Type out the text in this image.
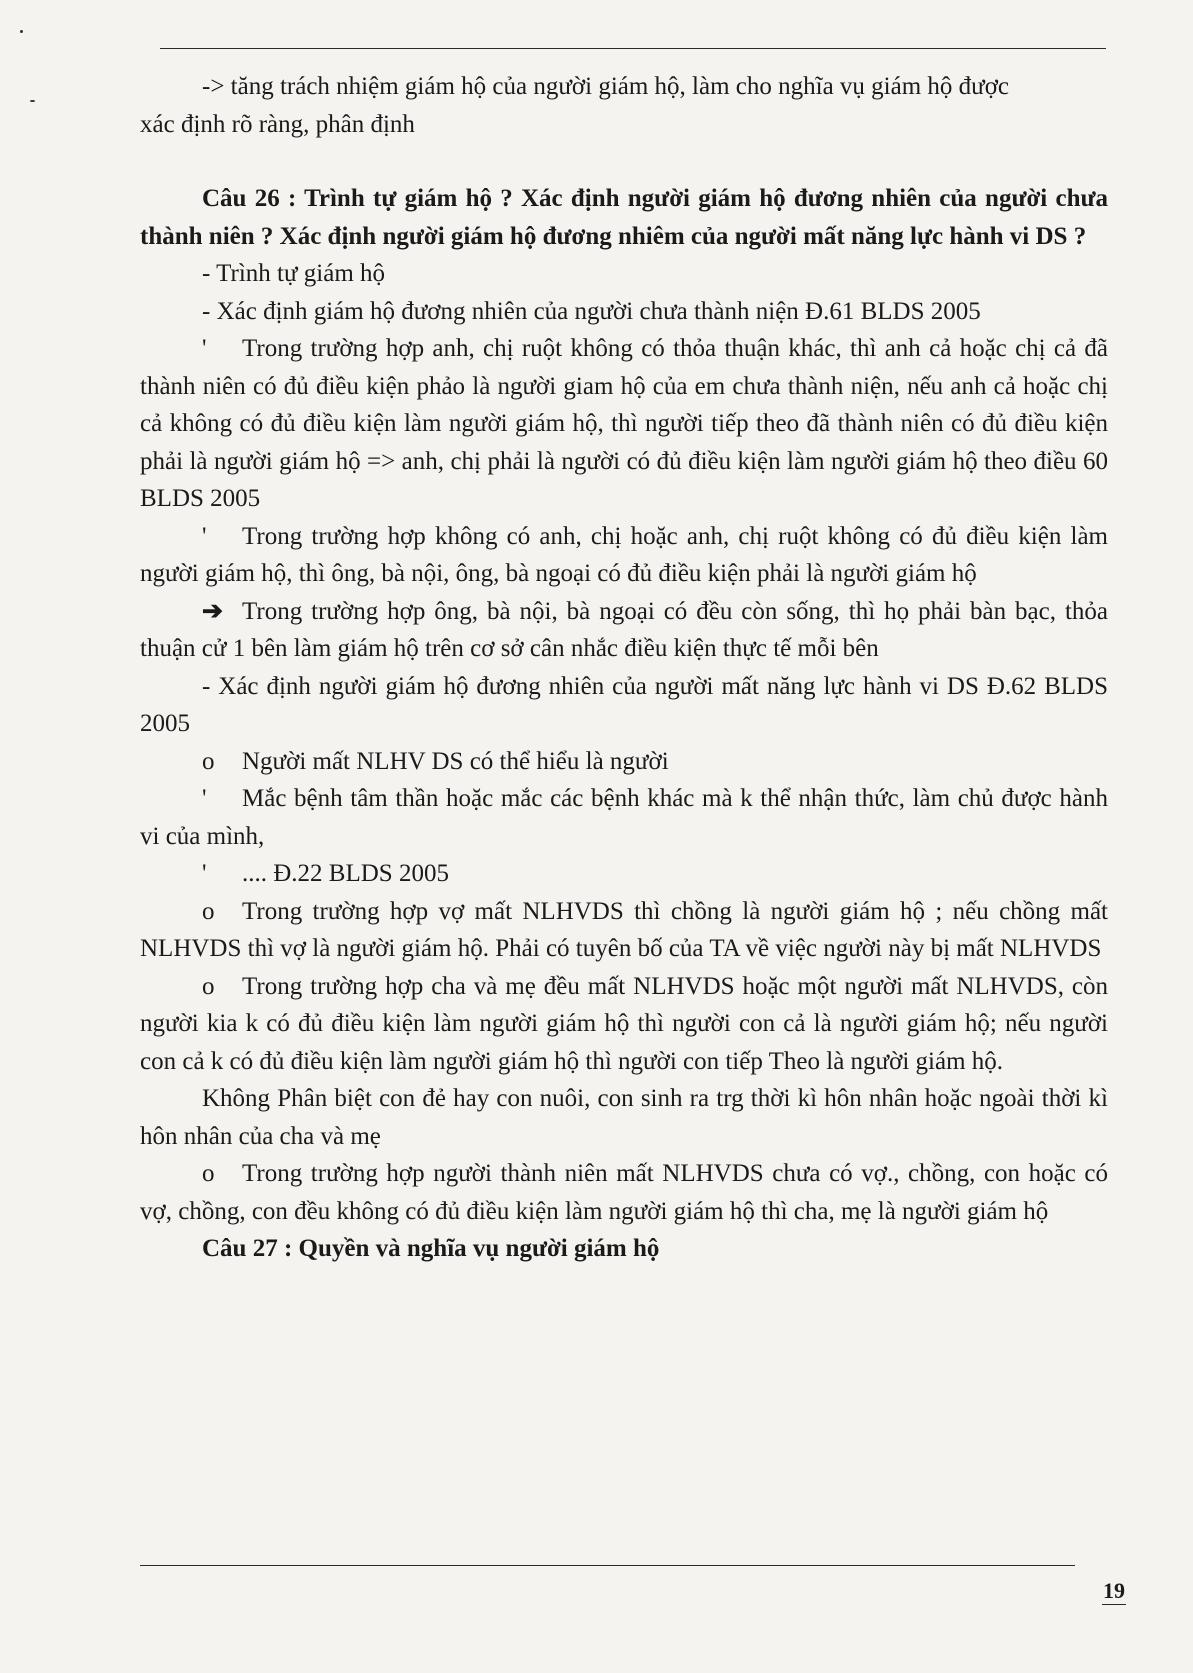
-> tăng trách nhiệm giám hộ của người giám hộ, làm cho nghĩa vụ giám hộ được

xác định rõ ràng, phân định

Câu 26 : Trình tự giám hộ ? Xác định người giám hộ đương nhiên của người chưa thành niên ? Xác định người giám hộ đương nhiêm của người mất năng lực hành vi DS ?

- Trình tự giám hộ

- Xác định giám hộ đương nhiên của người chưa thành niện Đ.61 BLDS 2005

' Trong trường hợp anh, chị ruột không có thỏa thuận khác, thì anh cả hoặc chị cả đã thành niên có đủ điều kiện phảo là người giam hộ của em chưa thành niện, nếu anh cả hoặc chị cả không có đủ điều kiện làm người giám hộ, thì người tiếp theo đã thành niên có đủ điều kiện phải là người giám hộ => anh, chị phải là người có đủ điều kiện làm người giám hộ theo điều 60 BLDS 2005

' Trong trường hợp không có anh, chị hoặc anh, chị ruột không có đủ điều kiện làm người giám hộ, thì ông, bà nội, ông, bà ngoại có đủ điều kiện phải là người giám hộ

➔ Trong trường hợp ông, bà nội, bà ngoại có đều còn sống, thì họ phải bàn bạc, thỏa thuận cử 1 bên làm giám hộ trên cơ sở cân nhắc điều kiện thực tế mỗi bên

- Xác định người giám hộ đương nhiên của người mất năng lực hành vi DS Đ.62 BLDS 2005

o Người mất NLHV DS có thể hiểu là người

' Mắc bệnh tâm thần hoặc mắc các bệnh khác mà k thể nhận thức, làm chủ được hành vi của mình,

' .... Đ.22 BLDS 2005

o Trong trường hợp vợ mất NLHVDS thì chồng là người giám hộ ; nếu chồng mất NLHVDS thì vợ là người giám hộ. Phải có tuyên bố của TA về việc người này bị mất NLHVDS

o Trong trường hợp cha và mẹ đều mất NLHVDS hoặc một người mất NLHVDS, còn người kia k có đủ điều kiện làm người giám hộ thì người con cả là người giám hộ; nếu người con cả k có đủ điều kiện làm người giám hộ thì người con tiếp Theo là người giám hộ.

Không Phân biệt con đẻ hay con nuôi, con sinh ra trg thời kì hôn nhân hoặc ngoài thời kì hôn nhân của cha và mẹ

o Trong trường hợp người thành niên mất NLHVDS chưa có vợ., chồng, con hoặc có vợ, chồng, con đều không có đủ điều kiện làm người giám hộ thì cha, mẹ là người giám hộ

Câu 27 : Quyền và nghĩa vụ người giám hộ

19
